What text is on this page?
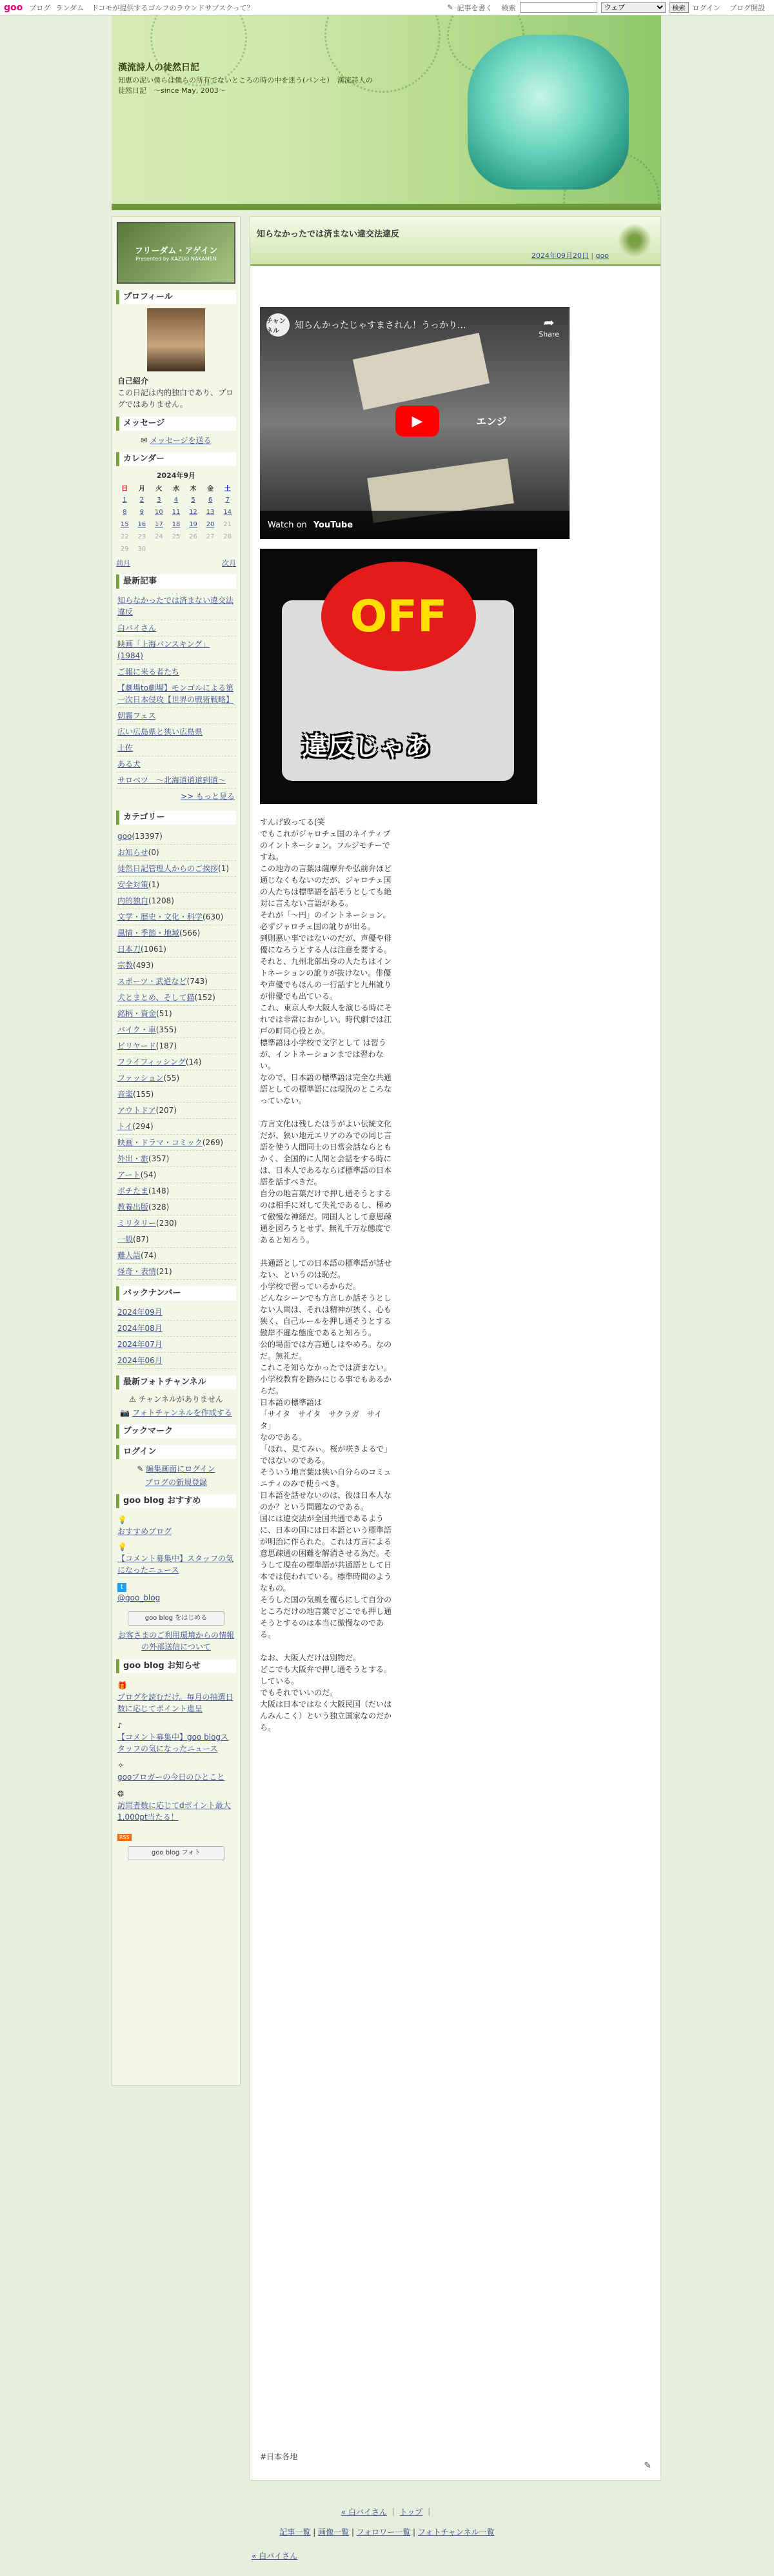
goo ブログ ランダム ドコモが提供するゴルフのラウンドサブスクって？	✎ 記事を書く 検索
ウェブ	検索	ログイン ブログ開設
漢流詩人の徒然日記
知恵の泥い僕らは僕らの所有でないところの時の中を迷う(パンセ）　漢流詩人の徒然日記　〜since May, 2003〜
フリーダム・アゲイン
Presented by KAZUO NAKAMEN
プロフィール
自己紹介
この日記は内的独白であり、ブログではありません。
メッセージ
✉ メッセージを送る
カレンダー
2024年9月
日	月	火	水	木	金	土
1	2	3	4	5	6	7
8	9	10	11	12	13	14
15	16	17	18	19	20	21
22	23	24	25	26	27	28
29	30					
前月	次月
最新記事
知らなかったでは済まない違交法違反
白バイさん
映画「上海バンスキング」(1984)
ご報に来る者たち
【劇場to劇場】モンゴルによる第一次日本侵攻【世界の戦術戦略】
朝霧フェス
広い広島県と狭い広島県
土佐
ある犬
サロベツ　〜北海道道道到道〜
>> もっと見る
カテゴリー
goo(13397)
お知らせ(0)
徒然日記管理人からのご挨拶(1)
安全対策(1)
内的独白(1208)
文学・歴史・文化・科学(630)
風情・季節・地域(566)
日本刀(1061)
宗教(493)
スポーツ・武道など(743)
犬とまとめ、そして猫(152)
銘柄・資金(51)
バイク・車(355)
ビリヤード(187)
フライフィッシング(14)
ファッション(55)
音楽(155)
アウトドア(207)
トイ(294)
映画・ドラマ・コミック(269)
外出・旅(357)
アート(54)
ポチたま(148)
教養出版(328)
ミリタリー(230)
一般(87)
難人語(74)
怪奇・表情(21)
バックナンバー
2024年09月
2024年08月
2024年07月
2024年06月
最新フォトチャンネル
⚠ チャンネルがありません
📷 フォトチャンネルを作成する
ブックマーク
ログイン
✎ 編集画面にログイン
ブログの新規登録
goo blog おすすめ
💡
おすすめブログ
💡
【コメント募集中】スタッフの気になったニュース
t
@goo_blog
goo blog をはじめる
お客さまのご利用環境からの情報の外部送信について
goo blog お知らせ
🎁
ブログを読むだけ。毎月の抽選日数に応じてポイント進呈
♪
【コメント募集中】goo blogスタッフの気になったニュース
✧
gooブロガーの今日のひとこと
❂
訪問者数に応じてdポイント最大1,000pt当たる！
RSS
goo blog フォト
知らなかったでは済まない違交法違反
2024年09月20日 | goo
チャンネル
知らんかったじゃすまされん！うっかり...	➦
Share
エンジ
▶
Watch on YouTube
OFF
違反じゃあ

すんげ致ってる(笑
でもこれがジャロチェ国のネイティブのイントネーション。フルジモチーですね。
この地方の言葉は薩摩弁や弘前弁ほど通じなくもないのだが、ジャロチェ国の人たちは標準語を話そうとしても絶対に言えない言語がある。
それが「〜円」のイントネーション。
必ずジャロチェ国の訛りが出る。
到則悪い事ではないのだが、声優や俳優になろうとする人は注意を要する。
それと、九州北部出身の人たちはイントネーションの訛りが抜けない。俳優や声優でもほんの一行話すと九州訛りが俳優でも出ている。
これ、東京人や大阪人を演じる時にそれでは非常におかしい。時代劇では江戸の町同心役とか。
標準語は小学校で文字として は習うが、イントネーションまでは習わない。
なので、日本語の標準語は完全な共通語としての標準語には現況のところなっていない。

方言文化は残したほうがよい伝統文化だが、狭い地元エリアのみでの同じ言語を使う人間同士の日常会話ならともかく、全国的に人間と会話をする時には、日本人であるならば標準語の日本語を話すべきだ。
自分の地言葉だけで押し通そうとするのは相手に対して失礼であるし、極めて傲慢な神経だ。同国人として意思疎通を図ろうとせず、無礼千万な態度であると知ろう。

共通語としての日本語の標準語が話せない、というのは恥だ。
小学校で習っているからだ。
どんなシーンでも方言しか話そうとしない人間は、それは精神が狭く、心も狭く、自己ルールを押し通そうとする傲岸不遜な態度であると知ろう。
公的場面では方言通しはやめろ。なのだ。無礼だ。
これこそ知らなかったでは済まない。
小学校教育を踏みにじる事でもあるからだ。
日本語の標準語は
「サイタ　サイタ　サクラガ　サイタ」
なのである。
「ほれ、見てみぃ。桜が咲きよるで」ではないのである。
そういう地言葉は狭い自分らのコミュニティのみで使うべき。
日本語を話せないのは、彼は日本人なのか？という問題なのである。
国には違交法が全国共通であるように、日本の国には日本語という標準語が明治に作られた。これは方言による意思疎通の困難を解消させる為だ。そうして現在の標準語が共通語として日本では使われている。標準時間のようなもの。
そうした国の気風を覆らにして自分のところだけの地言葉でどこでも押し通そうとするのは本当に傲慢なのである。

なお、大阪人だけは別物だ。
どこでも大阪弁で押し通そうとする。している。
でもそれでいいのだ。
大阪は日本ではなく大阪民国（だいはんみんこく）という独立国家なのだから。

#日本各地
✎
« 白バイさん ｜ トップ ｜
記事一覧 | 画像一覧 | フォロワー一覧 | フォトチャンネル一覧
« 白バイさん
